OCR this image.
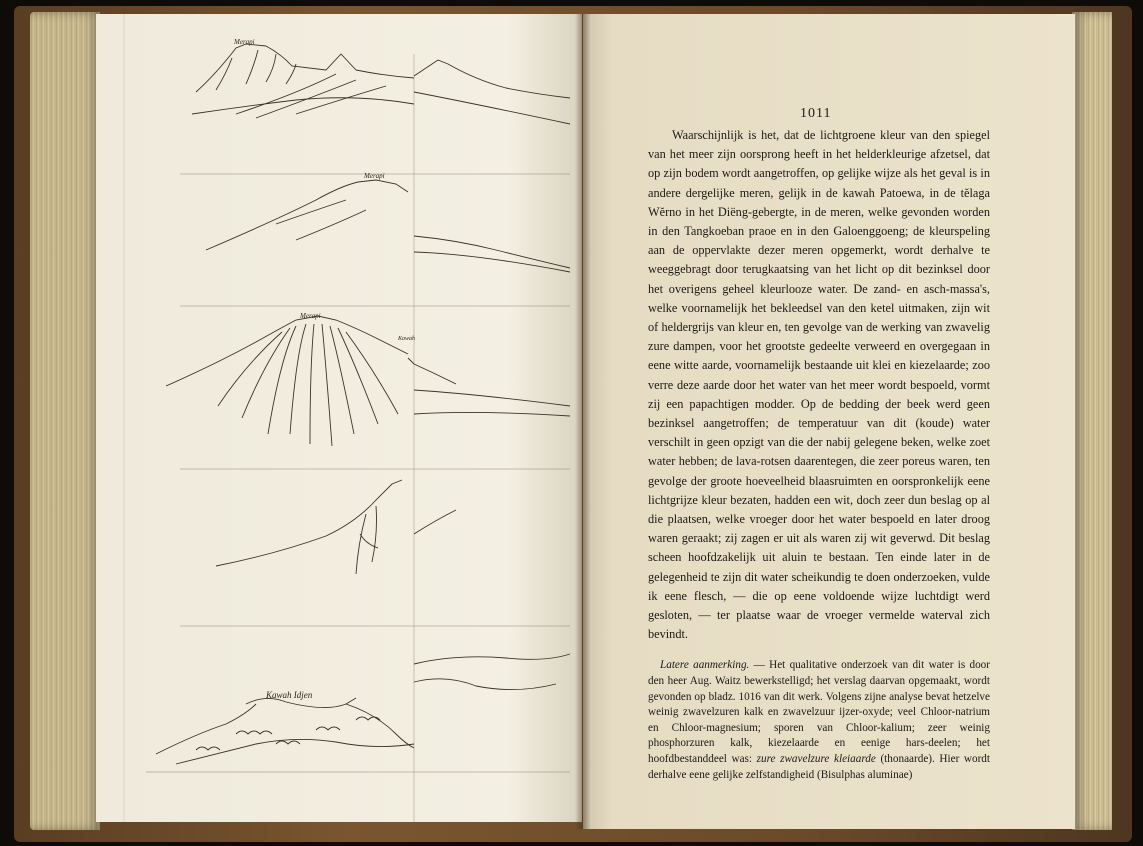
Merapi
Merapi
Merapi
Kawah
Kawah Idjen
1011

Waarschijnlijk is het, dat de lichtgroene kleur van den spiegel van het meer zijn oorsprong heeft in het helderkleurige afzetsel, dat op zijn bodem wordt aangetroffen, op gelijke wijze als het geval is in andere dergelijke meren, gelijk in de kawah Patoewa, in de tĕlaga Wĕrno in het Diëng-gebergte, in de meren, welke gevonden worden in den Tangkoeban praoe en in den Galoenggoeng; de kleurspeling aan de oppervlakte dezer meren opgemerkt, wordt derhalve te weeggebragt door terugkaatsing van het licht op dit bezinksel door het overigens geheel kleurlooze water. De zand- en asch-massa's, welke voornamelijk het bekleedsel van den ketel uitmaken, zijn wit of heldergrijs van kleur en, ten gevolge van de werking van zwavelig zure dampen, voor het grootste gedeelte verweerd en overgegaan in eene witte aarde, voornamelijk bestaande uit klei en kiezelaarde; zoo verre deze aarde door het water van het meer wordt bespoeld, vormt zij een papachtigen modder. Op de bedding der beek werd geen bezinksel aangetroffen; de temperatuur van dit (koude) water verschilt in geen opzigt van die der nabij gelegene beken, welke zoet water hebben; de lava-rotsen daarentegen, die zeer poreus waren, ten gevolge der groote hoeveelheid blaasruimten en oorspronkelijk eene lichtgrijze kleur bezaten, hadden een wit, doch zeer dun beslag op al die plaatsen, welke vroeger door het water bespoeld en later droog waren geraakt; zij zagen er uit als waren zij wit geverwd. Dit beslag scheen hoofdzakelijk uit aluin te bestaan. Ten einde later in de gelegenheid te zijn dit water scheikundig te doen onderzoeken, vulde ik eene flesch, — die op eene voldoende wijze luchtdigt werd gesloten, — ter plaatse waar de vroeger vermelde waterval zich bevindt.

Latere aanmerking. — Het qualitative onderzoek van dit water is door den heer Aug. Waitz bewerkstelligd; het verslag daarvan opgemaakt, wordt gevonden op bladz. 1016 van dit werk. Volgens zijne analyse bevat hetzelve weinig zwavelzuren kalk en zwavelzuur ijzer-oxyde; veel Chloor-natrium en Chloor-magnesium; sporen van Chloor-kalium; zeer weinig phosphorzuren kalk, kiezelaarde en eenige hars-deelen; het hoofdbestanddeel was: zure zwavelzure kleiaarde (thonaarde). Hier wordt derhalve eene gelijke zelfstandigheid (Bisulphas aluminae)
